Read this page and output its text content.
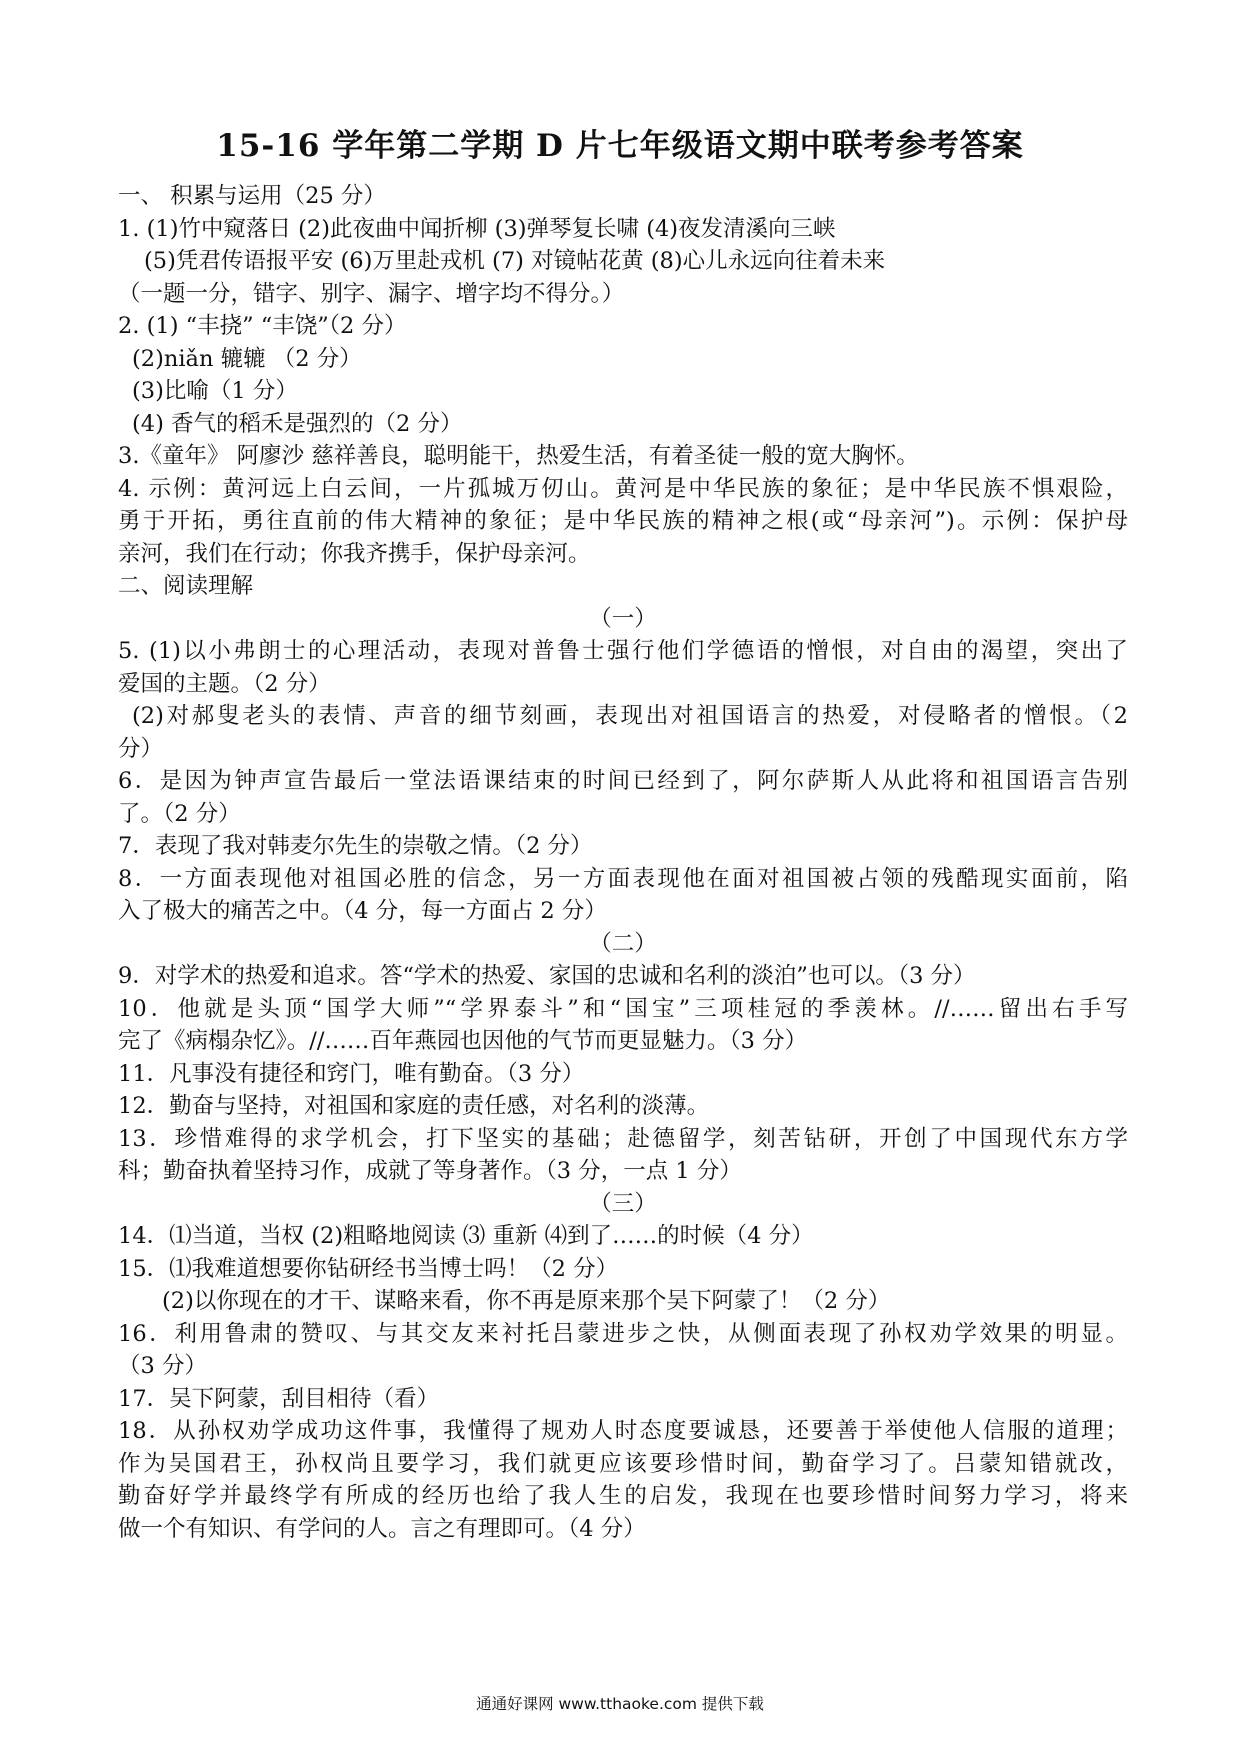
15-16 学年第二学期 D 片七年级语文期中联考参考答案
一、 积累与运用（25 分）
1. (1)竹中窥落日 (2)此夜曲中闻折柳 (3)弹琴复长啸 (4)夜发清溪向三峡
(5)凭君传语报平安 (6)万里赴戎机 (7) 对镜帖花黄 (8)心儿永远向往着未来
（一题一分，错字、别字、漏字、增字均不得分。）
2. (1) “丰挠” “丰饶”（2 分）
(2)niǎn 辘辘 （2 分）
(3)比喻（1 分）
(4) 香气的稻禾是强烈的（2 分）
3.《童年》 阿廖沙 慈祥善良，聪明能干，热爱生活，有着圣徒一般的宽大胸怀。
4. 示例：黄河远上白云间，一片孤城万仞山。黄河是中华民族的象征；是中华民族不惧艰险，
勇于开拓，勇往直前的伟大精神的象征；是中华民族的精神之根(或“母亲河”)。示例：保护母
亲河，我们在行动；你我齐携手，保护母亲河。
二、阅读理解
（一）
5. (1)以小弗朗士的心理活动，表现对普鲁士强行他们学德语的憎恨，对自由的渴望，突出了
爱国的主题。（2 分）
(2)对郝叟老头的表情、声音的细节刻画，表现出对祖国语言的热爱，对侵略者的憎恨。（2
分）
6．是因为钟声宣告最后一堂法语课结束的时间已经到了，阿尔萨斯人从此将和祖国语言告别
了。（2 分）
7．表现了我对韩麦尔先生的崇敬之情。（2 分）
8．一方面表现他对祖国必胜的信念，另一方面表现他在面对祖国被占领的残酷现实面前，陷
入了极大的痛苦之中。（4 分，每一方面占 2 分）
（二）
9．对学术的热爱和追求。答“学术的热爱、家国的忠诚和名利的淡泊”也可以。（3 分）
10．他就是头顶“国学大师”“学界泰斗”和“国宝”三项桂冠的季羡林。//……留出右手写
完了《病榻杂忆》。//……百年燕园也因他的气节而更显魅力。（3 分）
11．凡事没有捷径和窍门，唯有勤奋。（3 分）
12．勤奋与坚持，对祖国和家庭的责任感，对名利的淡薄。
13．珍惜难得的求学机会，打下坚实的基础；赴德留学，刻苦钻研，开创了中国现代东方学
科；勤奋执着坚持习作，成就了等身著作。（3 分，一点 1 分）
（三）
14．⑴当道，当权 (2)粗略地阅读 ⑶ 重新 ⑷到了……的时候（4 分）
15．⑴我难道想要你钻研经书当博士吗！（2 分）
(2)以你现在的才干、谋略来看，你不再是原来那个吴下阿蒙了！（2 分）
16．利用鲁肃的赞叹、与其交友来衬托吕蒙进步之快，从侧面表现了孙权劝学效果的明显。
（3 分）
17．吴下阿蒙，刮目相待（看）
18．从孙权劝学成功这件事，我懂得了规劝人时态度要诚恳，还要善于举使他人信服的道理；
作为吴国君王，孙权尚且要学习，我们就更应该要珍惜时间，勤奋学习了。吕蒙知错就改，
勤奋好学并最终学有所成的经历也给了我人生的启发，我现在也要珍惜时间努力学习，将来
做一个有知识、有学问的人。言之有理即可。（4 分）
通通好课网 www.tthaoke.com 提供下载
